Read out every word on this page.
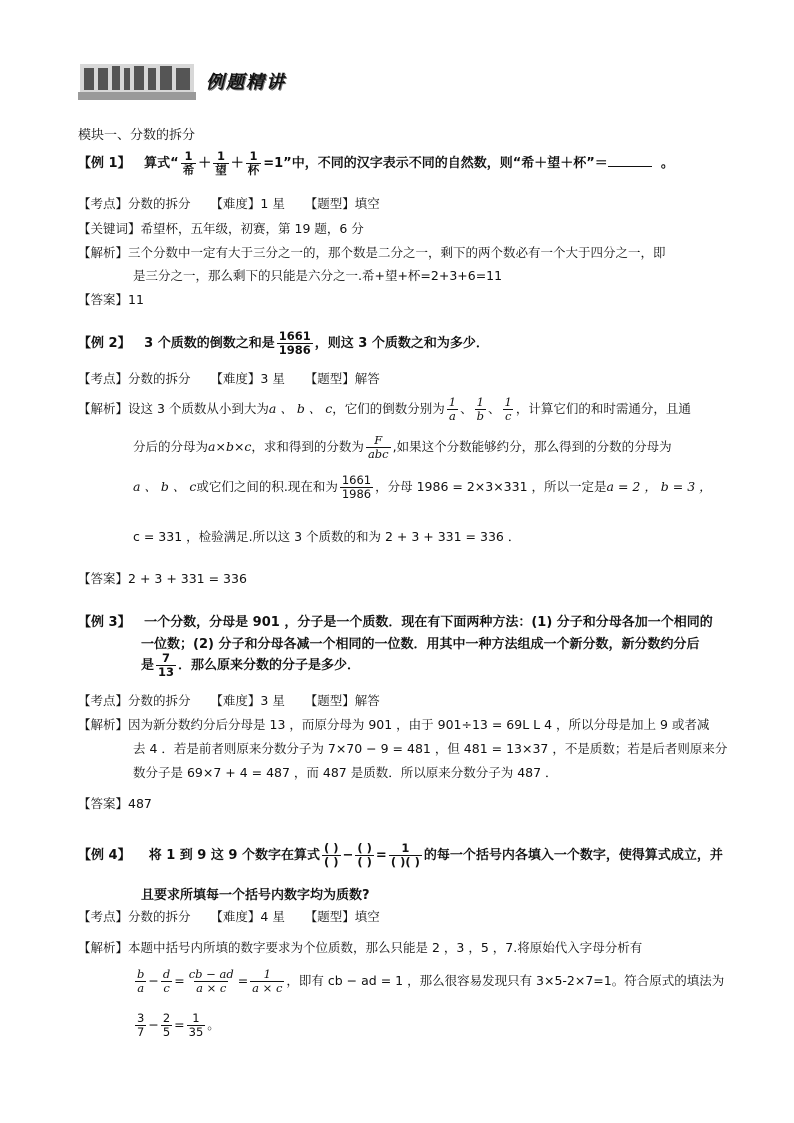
例题精讲
模块一、分数的拆分
【例 1】 算式“ $\frac{1}{\text{希}} + \frac{1}{\text{望}} + \frac{1}{\text{杯}} =1$”中，不同的汉字表示不同的自然数，则“希＋望＋杯”＝	。
【考点】分数的拆分 【难度】1 星 【题型】填空
【关键词】希望杯，五年级，初赛，第 19 题，6 分
【解析】三个分数中一定有大于三分之一的，那个数是二分之一，剩下的两个数必有一个大于四分之一，即
是三分之一，那么剩下的只能是六分之一.希+望+杯=2+3+6=11
【答案】11
【例 2】 3 个质数的倒数之和是 $\frac{1661}{1986}$ ，则这 3 个质数之和为多少．
【考点】分数的拆分 【难度】3 星 【题型】解答
【解析】设这 3 个质数从小到大为a 、 b 、 c，它们的倒数分别为 $\frac{1}{a}$ 、 $\frac{1}{b}$ 、 $\frac{1}{c}$ ，计算它们的和时需通分，且通
分后的分母为a×b×c，求和得到的分数为 $\frac{F}{\text{abc}}$ ,如果这个分数能够约分，那么得到的分数的分母为
a 、 b 、 c或它们之间的积.现在和为 $\frac{1661}{1986}$ ，分母 1986 = 2×3×331 ，所以一定是a = 2 ， b = 3 ，
c = 331 ，检验满足.所以这 3 个质数的和为 2 + 3 + 331 = 336 ．
【答案】2 + 3 + 331 = 336
【例 3】 一个分数，分母是 901 ，分子是一个质数．现在有下面两种方法：(1) 分子和分母各加一个相同的
一位数；(2) 分子和分母各减一个相同的一位数．用其中一种方法组成一个新分数，新分数约分后
是 $\frac{7}{13}$ ．那么原来分数的分子是多少．
【考点】分数的拆分 【难度】3 星 【题型】解答
【解析】因为新分数约分后分母是 13 ，而原分母为 901 ，由于 901÷13 = 69L L 4 ，所以分母是加上 9 或者减
去 4 ．若是前者则原来分数分子为 7×70 − 9 = 481 ，但 481 = 13×37 ，不是质数；若是后者则原来分
数分子是 69×7 + 4 = 487 ，而 487 是质数．所以原来分数分子为 487 ．
【答案】487
【例 4】 将 1 到 9 这 9 个数字在算式 $\frac{( )}{( )} - \frac{( )}{( )} = \frac{1}{( )( )}$ 的每一个括号内各填入一个数字，使得算式成立，并
且要求所填每一个括号内数字均为质数?
【考点】分数的拆分 【难度】4 星 【题型】填空
【解析】本题中括号内所填的数字要求为个位质数，那么只能是 2 ，3 ，5 ，7.将原始代入字母分析有
$\frac{b}{a} - \frac{d}{c} = \frac{cb - ad}{a \times c} = \frac{1}{a \times c}$ ，即有 cb − ad = 1 ，那么很容易发现只有 3×5-2×7=1。符合原式的填法为
$\frac{3}{7} - \frac{2}{5} = \frac{1}{35}$ 。
